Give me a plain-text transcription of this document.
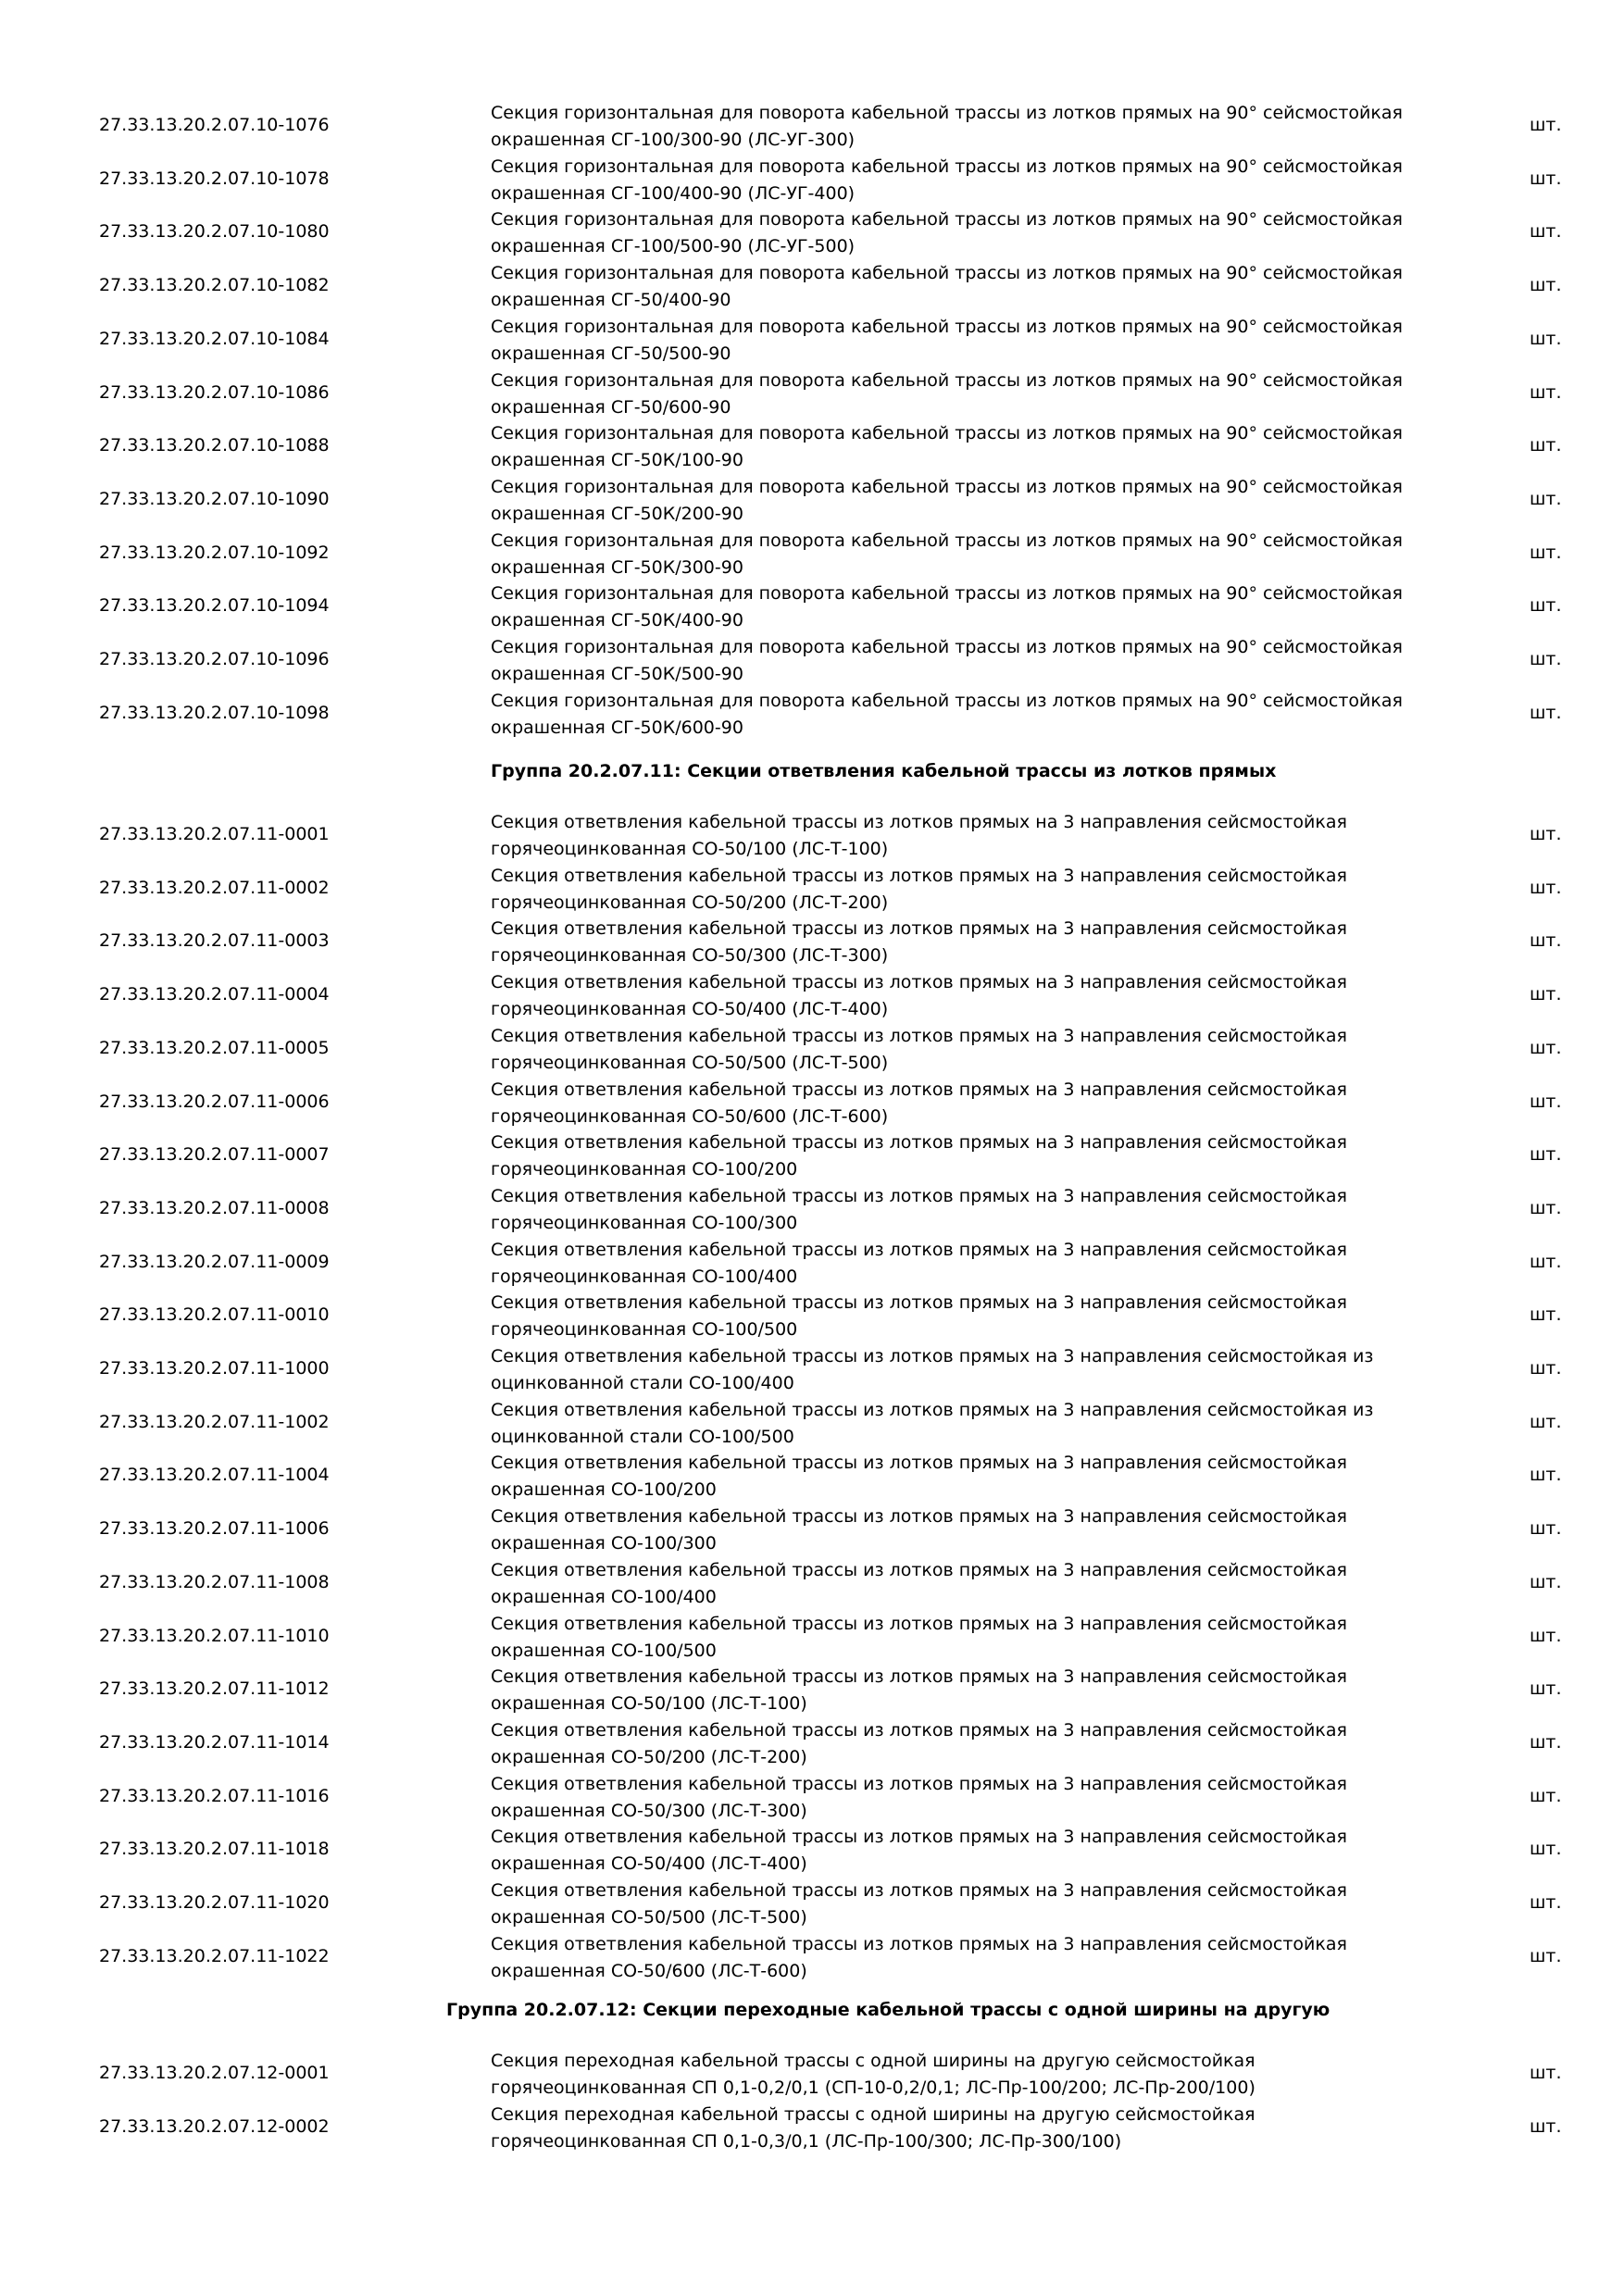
27.33.13.20.2.07.10-1076
Секция горизонтальная для поворота кабельной трассы из лотков прямых на 90° сейсмостойкая
окрашенная СГ-100/300-90 (ЛС-УГ-300)
шт.
27.33.13.20.2.07.10-1078
Секция горизонтальная для поворота кабельной трассы из лотков прямых на 90° сейсмостойкая
окрашенная СГ-100/400-90 (ЛС-УГ-400)
шт.
27.33.13.20.2.07.10-1080
Секция горизонтальная для поворота кабельной трассы из лотков прямых на 90° сейсмостойкая
окрашенная СГ-100/500-90 (ЛС-УГ-500)
шт.
27.33.13.20.2.07.10-1082
Секция горизонтальная для поворота кабельной трассы из лотков прямых на 90° сейсмостойкая
окрашенная СГ-50/400-90
шт.
27.33.13.20.2.07.10-1084
Секция горизонтальная для поворота кабельной трассы из лотков прямых на 90° сейсмостойкая
окрашенная СГ-50/500-90
шт.
27.33.13.20.2.07.10-1086
Секция горизонтальная для поворота кабельной трассы из лотков прямых на 90° сейсмостойкая
окрашенная СГ-50/600-90
шт.
27.33.13.20.2.07.10-1088
Секция горизонтальная для поворота кабельной трассы из лотков прямых на 90° сейсмостойкая
окрашенная СГ-50К/100-90
шт.
27.33.13.20.2.07.10-1090
Секция горизонтальная для поворота кабельной трассы из лотков прямых на 90° сейсмостойкая
окрашенная СГ-50К/200-90
шт.
27.33.13.20.2.07.10-1092
Секция горизонтальная для поворота кабельной трассы из лотков прямых на 90° сейсмостойкая
окрашенная СГ-50К/300-90
шт.
27.33.13.20.2.07.10-1094
Секция горизонтальная для поворота кабельной трассы из лотков прямых на 90° сейсмостойкая
окрашенная СГ-50К/400-90
шт.
27.33.13.20.2.07.10-1096
Секция горизонтальная для поворота кабельной трассы из лотков прямых на 90° сейсмостойкая
окрашенная СГ-50К/500-90
шт.
27.33.13.20.2.07.10-1098
Секция горизонтальная для поворота кабельной трассы из лотков прямых на 90° сейсмостойкая
окрашенная СГ-50К/600-90
шт.
Группа 20.2.07.11: Секции ответвления кабельной трассы из лотков прямых
27.33.13.20.2.07.11-0001
Секция ответвления кабельной трассы из лотков прямых на 3 направления сейсмостойкая
горячеоцинкованная СО-50/100 (ЛС-Т-100)
шт.
27.33.13.20.2.07.11-0002
Секция ответвления кабельной трассы из лотков прямых на 3 направления сейсмостойкая
горячеоцинкованная СО-50/200 (ЛС-Т-200)
шт.
27.33.13.20.2.07.11-0003
Секция ответвления кабельной трассы из лотков прямых на 3 направления сейсмостойкая
горячеоцинкованная СО-50/300 (ЛС-Т-300)
шт.
27.33.13.20.2.07.11-0004
Секция ответвления кабельной трассы из лотков прямых на 3 направления сейсмостойкая
горячеоцинкованная СО-50/400 (ЛС-Т-400)
шт.
27.33.13.20.2.07.11-0005
Секция ответвления кабельной трассы из лотков прямых на 3 направления сейсмостойкая
горячеоцинкованная СО-50/500 (ЛС-Т-500)
шт.
27.33.13.20.2.07.11-0006
Секция ответвления кабельной трассы из лотков прямых на 3 направления сейсмостойкая
горячеоцинкованная СО-50/600 (ЛС-Т-600)
шт.
27.33.13.20.2.07.11-0007
Секция ответвления кабельной трассы из лотков прямых на 3 направления сейсмостойкая
горячеоцинкованная СО-100/200
шт.
27.33.13.20.2.07.11-0008
Секция ответвления кабельной трассы из лотков прямых на 3 направления сейсмостойкая
горячеоцинкованная СО-100/300
шт.
27.33.13.20.2.07.11-0009
Секция ответвления кабельной трассы из лотков прямых на 3 направления сейсмостойкая
горячеоцинкованная СО-100/400
шт.
27.33.13.20.2.07.11-0010
Секция ответвления кабельной трассы из лотков прямых на 3 направления сейсмостойкая
горячеоцинкованная СО-100/500
шт.
27.33.13.20.2.07.11-1000
Секция ответвления кабельной трассы из лотков прямых на 3 направления сейсмостойкая из
оцинкованной стали СО-100/400
шт.
27.33.13.20.2.07.11-1002
Секция ответвления кабельной трассы из лотков прямых на 3 направления сейсмостойкая из
оцинкованной стали СО-100/500
шт.
27.33.13.20.2.07.11-1004
Секция ответвления кабельной трассы из лотков прямых на 3 направления сейсмостойкая
окрашенная СО-100/200
шт.
27.33.13.20.2.07.11-1006
Секция ответвления кабельной трассы из лотков прямых на 3 направления сейсмостойкая
окрашенная СО-100/300
шт.
27.33.13.20.2.07.11-1008
Секция ответвления кабельной трассы из лотков прямых на 3 направления сейсмостойкая
окрашенная СО-100/400
шт.
27.33.13.20.2.07.11-1010
Секция ответвления кабельной трассы из лотков прямых на 3 направления сейсмостойкая
окрашенная СО-100/500
шт.
27.33.13.20.2.07.11-1012
Секция ответвления кабельной трассы из лотков прямых на 3 направления сейсмостойкая
окрашенная СО-50/100 (ЛС-Т-100)
шт.
27.33.13.20.2.07.11-1014
Секция ответвления кабельной трассы из лотков прямых на 3 направления сейсмостойкая
окрашенная СО-50/200 (ЛС-Т-200)
шт.
27.33.13.20.2.07.11-1016
Секция ответвления кабельной трассы из лотков прямых на 3 направления сейсмостойкая
окрашенная СО-50/300 (ЛС-Т-300)
шт.
27.33.13.20.2.07.11-1018
Секция ответвления кабельной трассы из лотков прямых на 3 направления сейсмостойкая
окрашенная СО-50/400 (ЛС-Т-400)
шт.
27.33.13.20.2.07.11-1020
Секция ответвления кабельной трассы из лотков прямых на 3 направления сейсмостойкая
окрашенная СО-50/500 (ЛС-Т-500)
шт.
27.33.13.20.2.07.11-1022
Секция ответвления кабельной трассы из лотков прямых на 3 направления сейсмостойкая
окрашенная СО-50/600 (ЛС-Т-600)
шт.
Группа 20.2.07.12: Секции переходные кабельной трассы с одной ширины на другую
27.33.13.20.2.07.12-0001
Секция переходная кабельной трассы с одной ширины на другую сейсмостойкая
горячеоцинкованная СП 0,1-0,2/0,1 (СП-10-0,2/0,1; ЛС-Пр-100/200; ЛС-Пр-200/100)
шт.
27.33.13.20.2.07.12-0002
Секция переходная кабельной трассы с одной ширины на другую сейсмостойкая
горячеоцинкованная СП 0,1-0,3/0,1 (ЛС-Пр-100/300; ЛС-Пр-300/100)
шт.
